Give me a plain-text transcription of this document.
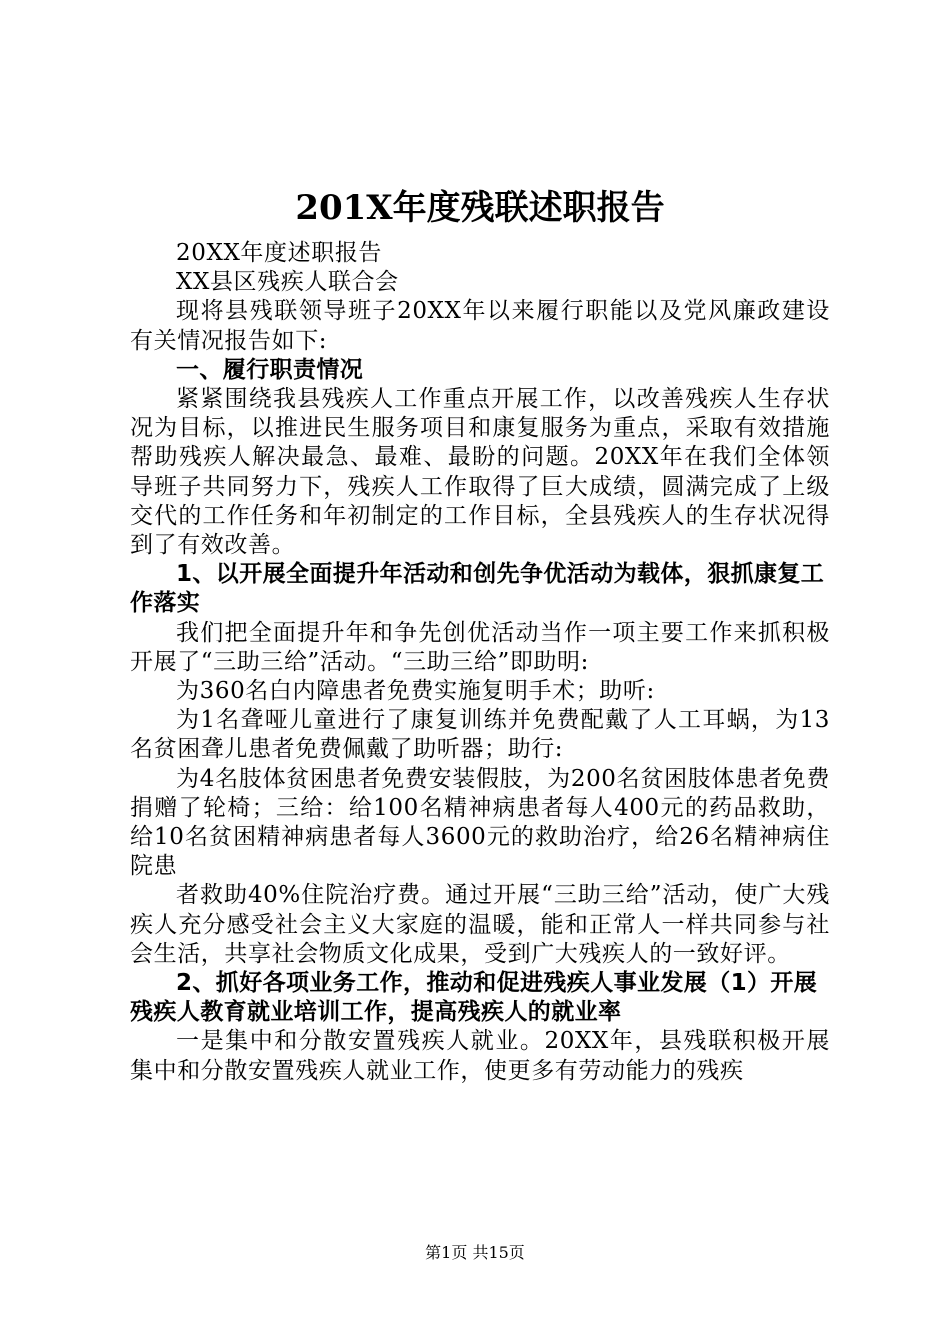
201X年度残联述职报告

20XX年度述职报告

XX县区残疾人联合会

现将县残联领导班子20XX年以来履行职能以及党风廉政建设有关情况报告如下:

一、履行职责情况

紧紧围绕我县残疾人工作重点开展工作，以改善残疾人生存状况为目标，以推进民生服务项目和康复服务为重点，采取有效措施帮助残疾人解决最急、最难、最盼的问题。20XX年在我们全体领导班子共同努力下，残疾人工作取得了巨大成绩，圆满完成了上级交代的工作任务和年初制定的工作目标，全县残疾人的生存状况得到了有效改善。

1、以开展全面提升年活动和创先争优活动为载体，狠抓康复工作落实

我们把全面提升年和争先创优活动当作一项主要工作来抓积极开展了“三助三给”活动。“三助三给”即助明:

为360名白内障患者免费实施复明手术；助听:

为1名聋哑儿童进行了康复训练并免费配戴了人工耳蜗，为13名贫困聋儿患者免费佩戴了助听器；助行:

为4名肢体贫困患者免费安装假肢，为200名贫困肢体患者免费捐赠了轮椅；三给：给100名精神病患者每人400元的药品救助，给10名贫困精神病患者每人3600元的救助治疗，给26名精神病住院患

者救助40%住院治疗费。通过开展“三助三给”活动，使广大残疾人充分感受社会主义大家庭的温暖，能和正常人一样共同参与社会生活，共享社会物质文化成果，受到广大残疾人的一致好评。

2、抓好各项业务工作，推动和促进残疾人事业发展（1）开展残疾人教育就业培训工作，提高残疾人的就业率

一是集中和分散安置残疾人就业。20XX年，县残联积极开展集中和分散安置残疾人就业工作，使更多有劳动能力的残疾

第1页 共15页
